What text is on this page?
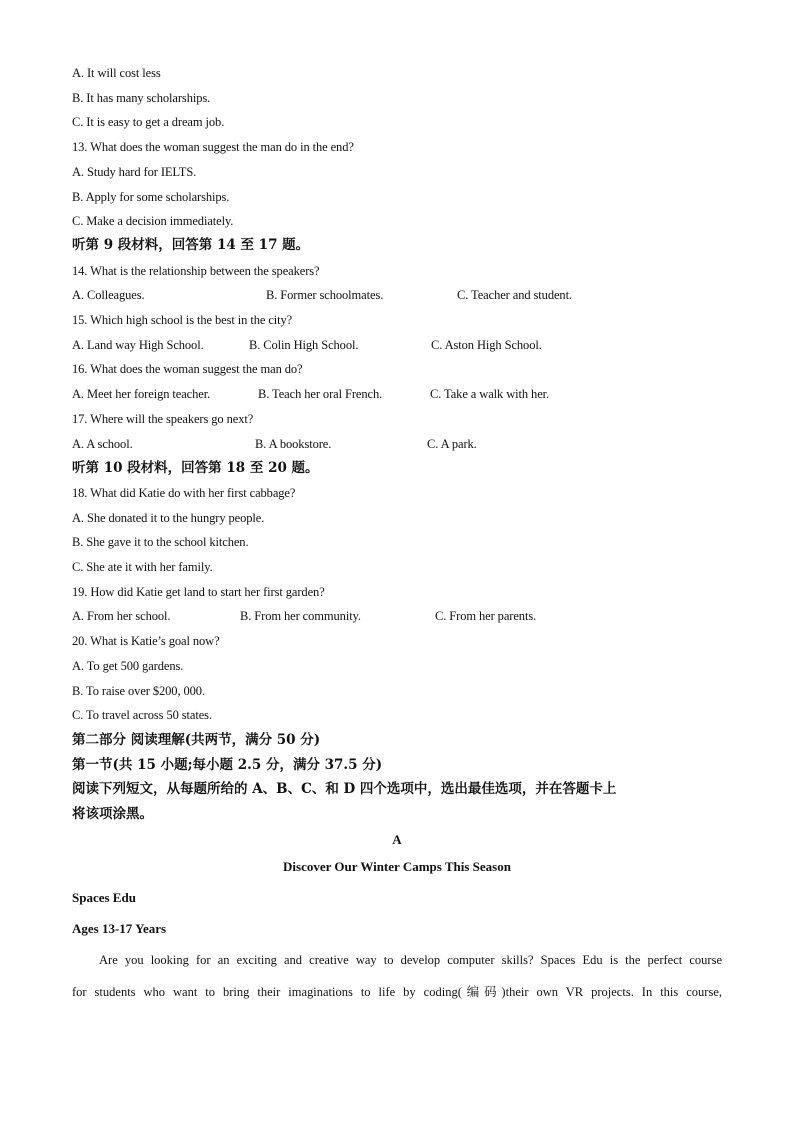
A. It will cost less
B. It has many scholarships.
C. It is easy to get a dream job.
13. What does the woman suggest the man do in the end?
A. Study hard for IELTS.
B. Apply for some scholarships.
C. Make a decision immediately.
听第 9 段材料，回答第 14 至 17 题。
14. What is the relationship between the speakers?
A. Colleagues.	B. Former schoolmates.	C. Teacher and student.
15. Which high school is the best in the city?
A. Land way High School.	B. Colin High School.	C. Aston High School.
16. What does the woman suggest the man do?
A. Meet her foreign teacher.	B. Teach her oral French.	C. Take a walk with her.
17. Where will the speakers go next?
A. A school.	B. A bookstore.	C. A park.
听第 10 段材料，回答第 18 至 20 题。
18. What did Katie do with her first cabbage?
A. She donated it to the hungry people.
B. She gave it to the school kitchen.
C. She ate it with her family.
19. How did Katie get land to start her first garden?
A. From her school.	B. From her community.	C. From her parents.
20. What is Katie’s goal now?
A. To get 500 gardens.
B. To raise over $200, 000.
C. To travel across 50 states.
第二部分 阅读理解(共两节，满分 50 分)
第一节(共 15 小题;每小题 2.5 分，满分 37.5 分)
阅读下列短文，从每题所给的 A、B、C、和 D 四个选项中，选出最佳选项，并在答题卡上
将该项涂黑。
A
Discover Our Winter Camps This Season
Spaces Edu
Ages 13-17 Years
Are you looking for an exciting and creative way to develop computer skills? Spaces Edu is the perfect course
for students who want to bring their imaginations to life by coding(编码)their own VR projects. In this course,
